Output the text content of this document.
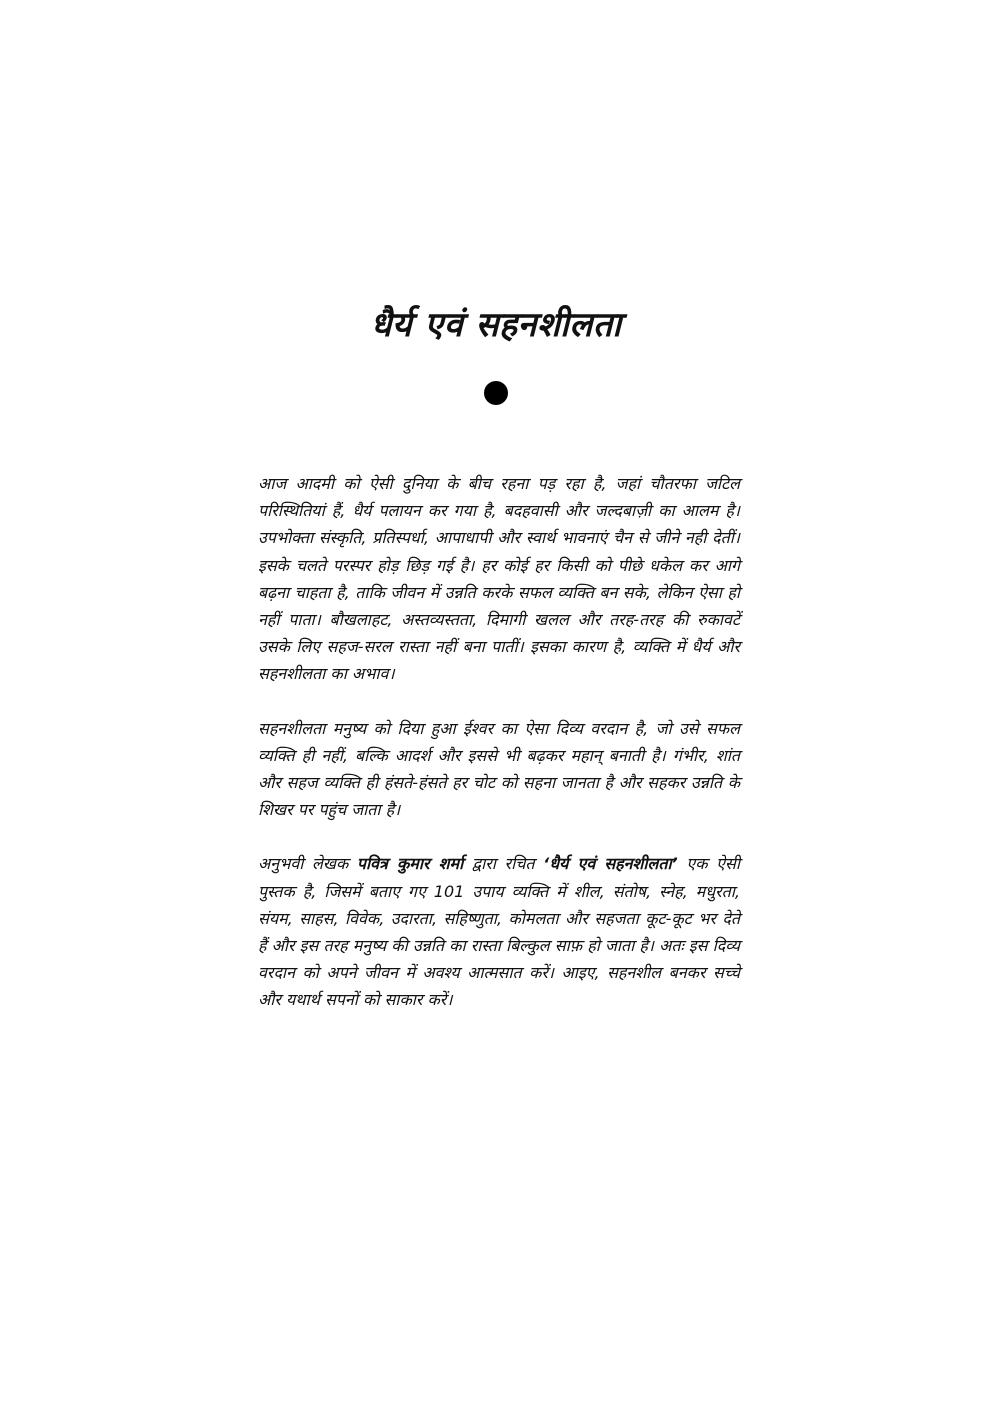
धैर्य एवं सहनशीलता

आज आदमी को ऐसी दुनिया के बीच रहना पड़ रहा है, जहां चौतरफा जटिल परिस्थितियां हैं, धैर्य पलायन कर गया है, बदहवासी और जल्दबाज़ी का आलम है। उपभोक्ता संस्कृति, प्रतिस्पर्धा, आपाधापी और स्वार्थ भावनाएं चैन से जीने नही देतीं। इसके चलते परस्पर होड़ छिड़ गई है। हर कोई हर किसी को पीछे धकेल कर आगे बढ़ना चाहता है, ताकि जीवन में उन्नति करके सफल व्यक्ति बन सके, लेकिन ऐसा हो नहीं पाता। बौखलाहट, अस्तव्यस्तता, दिमागी खलल और तरह-तरह की रुकावटें उसके लिए सहज-सरल रास्ता नहीं बना पातीं। इसका कारण है, व्यक्ति में धैर्य और सहनशीलता का अभाव।

सहनशीलता मनुष्य को दिया हुआ ईश्वर का ऐसा दिव्य वरदान है, जो उसे सफल व्यक्ति ही नहीं, बल्कि आदर्श और इससे भी बढ़कर महान् बनाती है। गंभीर, शांत और सहज व्यक्ति ही हंसते-हंसते हर चोट को सहना जानता है और सहकर उन्नति के शिखर पर पहुंच जाता है।

अनुभवी लेखक पवित्र कुमार शर्मा द्वारा रचित ‘धैर्य एवं सहनशीलता’ एक ऐसी पुस्तक है, जिसमें बताए गए 101 उपाय व्यक्ति में शील, संतोष, स्नेह, मधुरता, संयम, साहस, विवेक, उदारता, सहिष्णुता, कोमलता और सहजता कूट-कूट भर देते हैं और इस तरह मनुष्य की उन्नति का रास्ता बिल्कुल साफ़ हो जाता है। अतः इस दिव्य वरदान को अपने जीवन में अवश्य आत्मसात करें। आइए, सहनशील बनकर सच्चे और यथार्थ सपनों को साकार करें।
